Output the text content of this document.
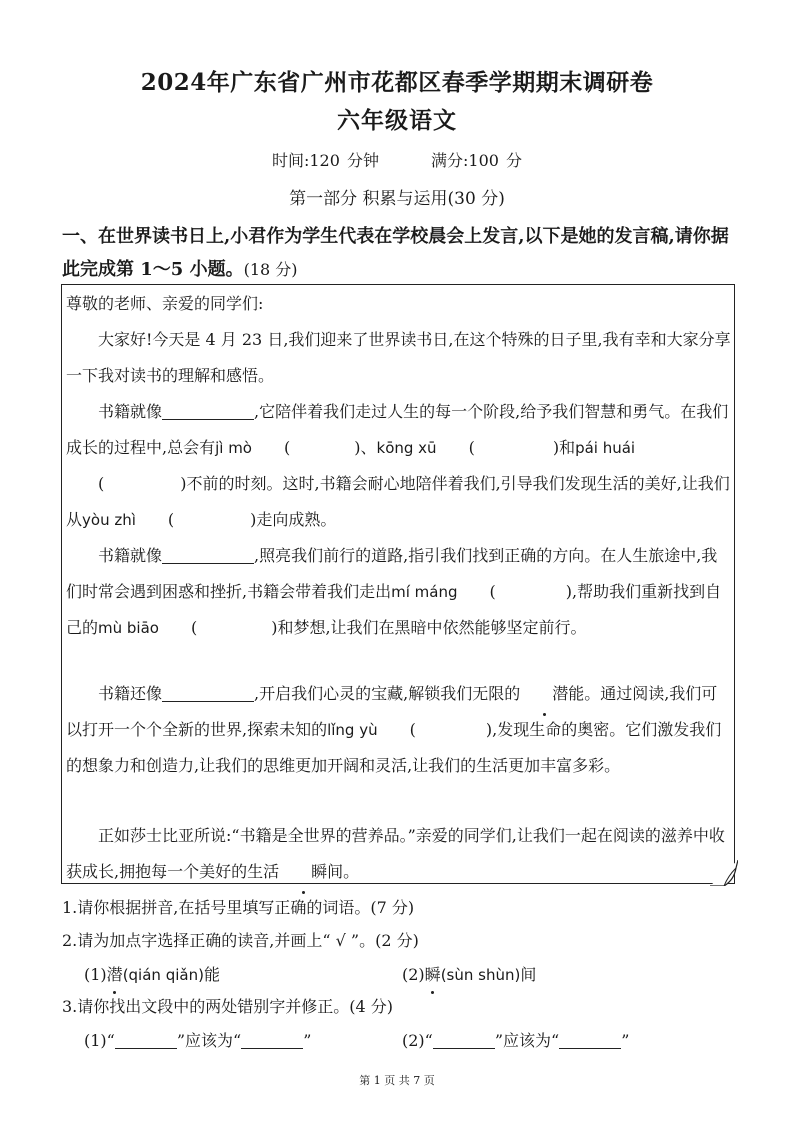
2024年广东省广州市花都区春季学期期末调研卷
六年级语文
时间:120 分钟	满分:100 分
第一部分 积累与运用(30 分)
一、在世界读书日上,小君作为学生代表在学校晨会上发言,以下是她的发言稿,请你据此完成第 1～5 小题。(18 分)
尊敬的老师、亲爱的同学们:
大家好!今天是 4 月 23 日,我们迎来了世界读书日,在这个特殊的日子里,我有幸和大家分享一下我对读书的理解和感悟。
书籍就像	,它陪伴着我们走过人生的每一个阶段,给予我们智慧和勇气。在我们成长的过程中,总会有jì mò (	)、kōng xū (	)和pái huái(	)不前的时刻。这时,书籍会耐心地陪伴着我们,引导我们发现生活的美好,让我们从yòu zhì (	)走向成熟。
书籍就像	,照亮我们前行的道路,指引我们找到正确的方向。在人生旅途中,我们时常会遇到困惑和挫折,书籍会带着我们走出mí máng (	),帮助我们重新找到自己的mù biāo (	)和梦想,让我们在黑暗中依然能够坚定前行。
书籍还像	,开启我们心灵的宝藏,解锁我们无限的 潜能。通过阅读,我们可以打开一个个全新的世界,探索未知的lǐng yù (	),发现生命的奥密。它们激发我们的想象力和创造力,让我们的思维更加开阔和灵活,让我们的生活更加丰富多彩。
正如莎士比亚所说:“书籍是全世界的营养品。”亲爱的同学们,让我们一起在阅读的滋养中收获成长,拥抱每一个美好的生活 瞬间。
1.请你根据拼音,在括号里填写正确的词语。(7 分)
2.请为加点字选择正确的读音,并画上“ √ ”。(2 分)
(1)潜(qián qiǎn)能	(2)瞬(sùn shùn)间
3.请你找出文段中的两处错别字并修正。(4 分)
(1)“	”应该为“	”	(2)“	”应该为“	”
第 1 页 共 7 页
